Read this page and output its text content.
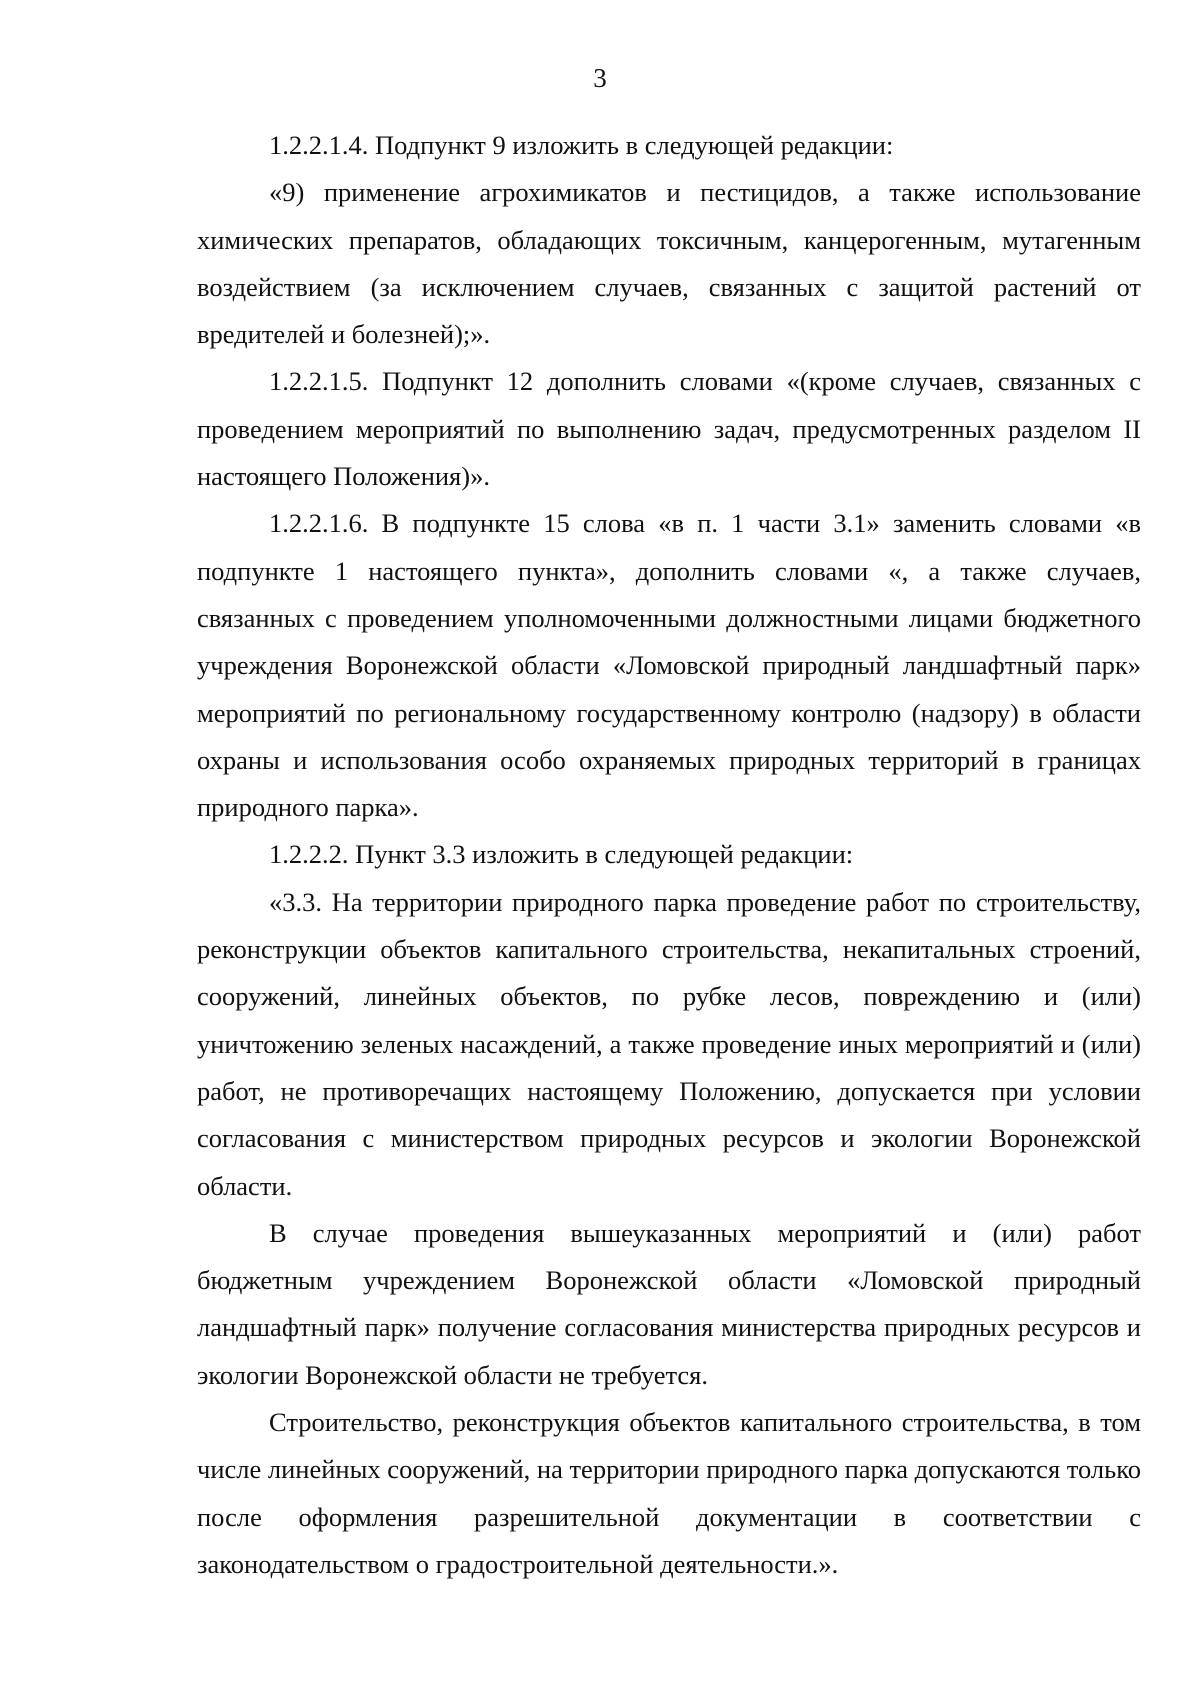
3

1.2.2.1.4. Подпункт 9 изложить в следующей редакции:

«9) применение агрохимикатов и пестицидов, а также использование химических препаратов, обладающих токсичным, канцерогенным, мутагенным воздействием (за исключением случаев, связанных с защитой растений от вредителей и болезней);».

1.2.2.1.5. Подпункт 12 дополнить словами «(кроме случаев, связанных с проведением мероприятий по выполнению задач, предусмотренных разделом II настоящего Положения)».

1.2.2.1.6. В подпункте 15 слова «в п. 1 части 3.1» заменить словами «в подпункте 1 настоящего пункта», дополнить словами «, а также случаев, связанных с проведением уполномоченными должностными лицами бюджетного учреждения Воронежской области «Ломовской природный ландшафтный парк» мероприятий по региональному государственному контролю (надзору) в области охраны и использования особо охраняемых природных территорий в границах природного парка».

1.2.2.2. Пункт 3.3 изложить в следующей редакции:

«3.3. На территории природного парка проведение работ по строительству, реконструкции объектов капитального строительства, некапитальных строений, сооружений, линейных объектов, по рубке лесов, повреждению и (или) уничтожению зеленых насаждений, а также проведение иных мероприятий и (или) работ, не противоречащих настоящему Положению, допускается при условии согласования с министерством природных ресурсов и экологии Воронежской области.

В случае проведения вышеуказанных мероприятий и (или) работ бюджетным учреждением Воронежской области «Ломовской природный ландшафтный парк» получение согласования министерства природных ресурсов и экологии Воронежской области не требуется.

Строительство, реконструкция объектов капитального строительства, в том числе линейных сооружений, на территории природного парка допускаются только после оформления разрешительной документации в соответствии с законодательством о градостроительной деятельности.».
